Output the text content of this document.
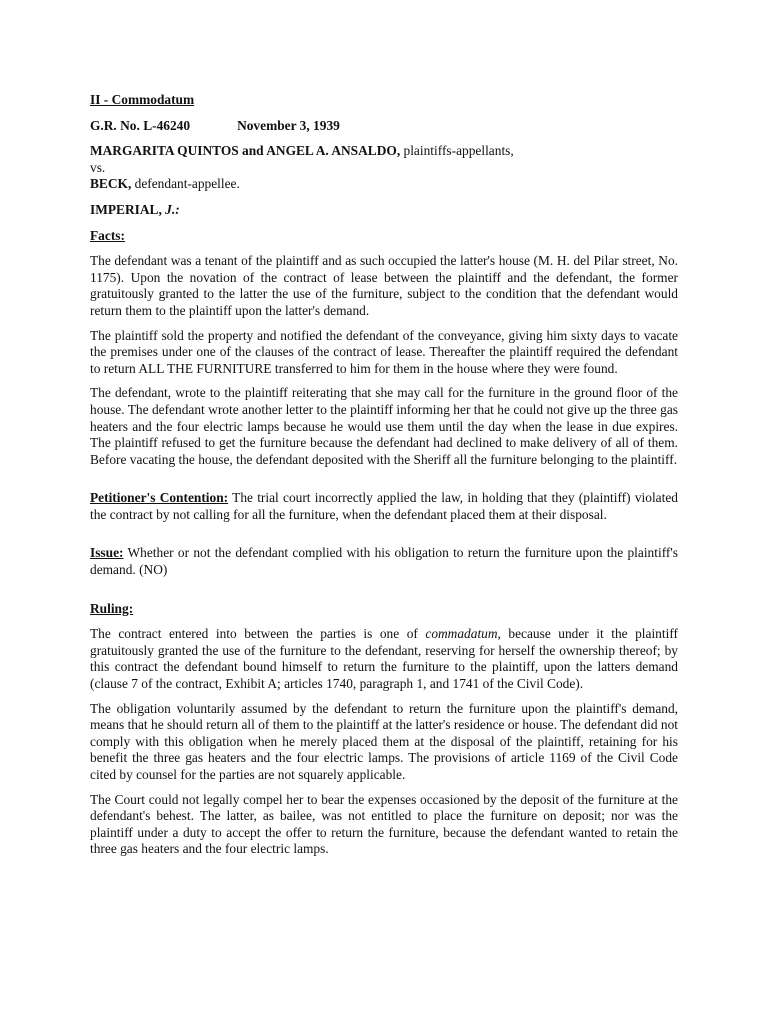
II - Commodatum

G.R. No. L-46240	November 3, 1939

MARGARITA QUINTOS and ANGEL A. ANSALDO, plaintiffs-appellants,

vs.

BECK, defendant-appellee.

IMPERIAL, J.:

Facts:

The defendant was a tenant of the plaintiff and as such occupied the latter's house (M. H. del Pilar street, No. 1175). Upon the novation of the contract of lease between the plaintiff and the defendant, the former gratuitously granted to the latter the use of the furniture, subject to the condition that the defendant would return them to the plaintiff upon the latter's demand.

The plaintiff sold the property and notified the defendant of the conveyance, giving him sixty days to vacate the premises under one of the clauses of the contract of lease. Thereafter the plaintiff required the defendant to return ALL THE FURNITURE transferred to him for them in the house where they were found.

The defendant, wrote to the plaintiff reiterating that she may call for the furniture in the ground floor of the house. The defendant wrote another letter to the plaintiff informing her that he could not give up the three gas heaters and the four electric lamps because he would use them until the day when the lease in due expires. The plaintiff refused to get the furniture because the defendant had declined to make delivery of all of them. Before vacating the house, the defendant deposited with the Sheriff all the furniture belonging to the plaintiff.

Petitioner's Contention: The trial court incorrectly applied the law, in holding that they (plaintiff) violated the contract by not calling for all the furniture, when the defendant placed them at their disposal.

Issue: Whether or not the defendant complied with his obligation to return the furniture upon the plaintiff's demand. (NO)

Ruling:

The contract entered into between the parties is one of commadatum, because under it the plaintiff gratuitously granted the use of the furniture to the defendant, reserving for herself the ownership thereof; by this contract the defendant bound himself to return the furniture to the plaintiff, upon the latters demand (clause 7 of the contract, Exhibit A; articles 1740, paragraph 1, and 1741 of the Civil Code).

The obligation voluntarily assumed by the defendant to return the furniture upon the plaintiff's demand, means that he should return all of them to the plaintiff at the latter's residence or house. The defendant did not comply with this obligation when he merely placed them at the disposal of the plaintiff, retaining for his benefit the three gas heaters and the four electric lamps. The provisions of article 1169 of the Civil Code cited by counsel for the parties are not squarely applicable.

The Court could not legally compel her to bear the expenses occasioned by the deposit of the furniture at the defendant's behest. The latter, as bailee, was not entitled to place the furniture on deposit; nor was the plaintiff under a duty to accept the offer to return the furniture, because the defendant wanted to retain the three gas heaters and the four electric lamps.
